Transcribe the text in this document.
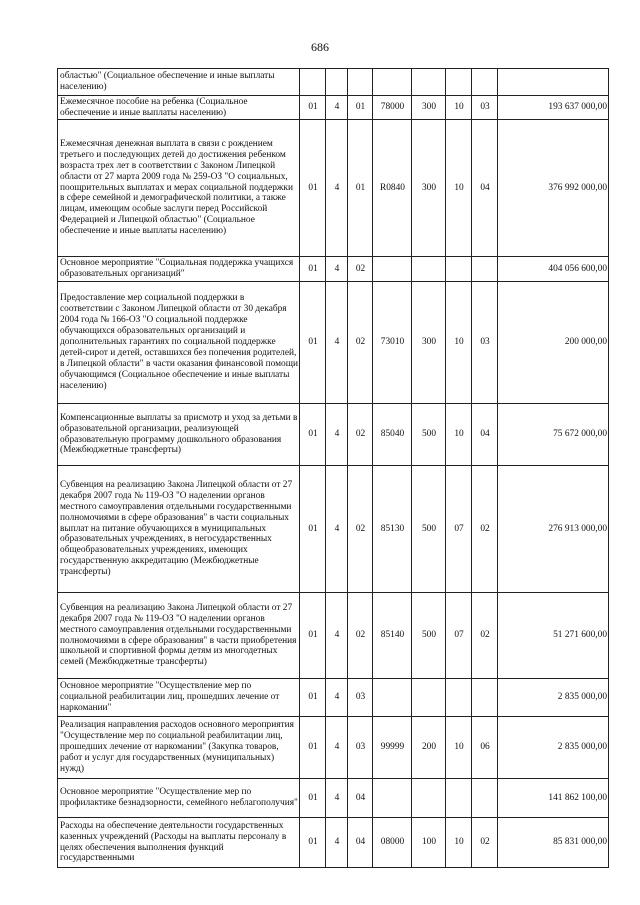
686
областью" (Социальное обеспечение и иные выплаты населению)								
Ежемесячное пособие на ребенка (Социальное обеспечение и иные выплаты населению)	01	4	01	78000	300	10	03	193 637 000,00
Ежемесячная денежная выплата в связи с рождением третьего и последующих детей до достижения ребенком возраста трех лет в соответствии с Законом Липецкой области от 27 марта 2009 года № 259-ОЗ "О социальных, поощрительных выплатах и мерах социальной поддержки в сфере семейной и демографической политики, а также лицам, имеющим особые заслуги перед Российской Федерацией и Липецкой областью" (Социальное обеспечение и иные выплаты населению)	01	4	01	R0840	300	10	04	376 992 000,00
Основное мероприятие "Социальная поддержка учащихся образовательных организаций"	01	4	02					404 056 600,00
Предоставление мер социальной поддержки в соответствии с Законом Липецкой области от 30 декабря 2004 года № 166-ОЗ "О социальной поддержке обучающихся образовательных организаций и дополнительных гарантиях по социальной поддержке детей-сирот и детей, оставшихся без попечения родителей, в Липецкой области" в части оказания финансовой помощи обучающимся (Социальное обеспечение и иные выплаты населению)	01	4	02	73010	300	10	03	200 000,00
Компенсационные выплаты за присмотр и уход за детьми в образовательной организации, реализующей образовательную программу дошкольного образования (Межбюджетные трансферты)	01	4	02	85040	500	10	04	75 672 000,00
Субвенция на реализацию Закона Липецкой области от 27 декабря 2007 года № 119-ОЗ "О наделении органов местного самоуправления отдельными государственными полномочиями в сфере образования" в части социальных выплат на питание обучающихся в муниципальных образовательных учреждениях, в негосударственных общеобразовательных учреждениях, имеющих государственную аккредитацию (Межбюджетные трансферты)	01	4	02	85130	500	07	02	276 913 000,00
Субвенция на реализацию Закона Липецкой области от 27 декабря 2007 года № 119-ОЗ "О наделении органов местного самоуправления отдельными государственными полномочиями в сфере образования" в части приобретения школьной и спортивной формы детям из многодетных семей (Межбюджетные трансферты)	01	4	02	85140	500	07	02	51 271 600,00
Основное мероприятие "Осуществление мер по социальной реабилитации лиц, прошедших лечение от наркомании"	01	4	03					2 835 000,00
Реализация направления расходов основного мероприятия "Осуществление мер по социальной реабилитации лиц, прошедших лечение от наркомании" (Закупка товаров, работ и услуг для государственных (муниципальных) нужд)	01	4	03	99999	200	10	06	2 835 000,00
Основное мероприятие "Осуществление мер по профилактике безнадзорности, семейного неблагополучия"	01	4	04					141 862 100,00
Расходы на обеспечение деятельности государственных казенных учреждений (Расходы на выплаты персоналу в целях обеспечения выполнения функций государственными	01	4	04	08000	100	10	02	85 831 000,00
